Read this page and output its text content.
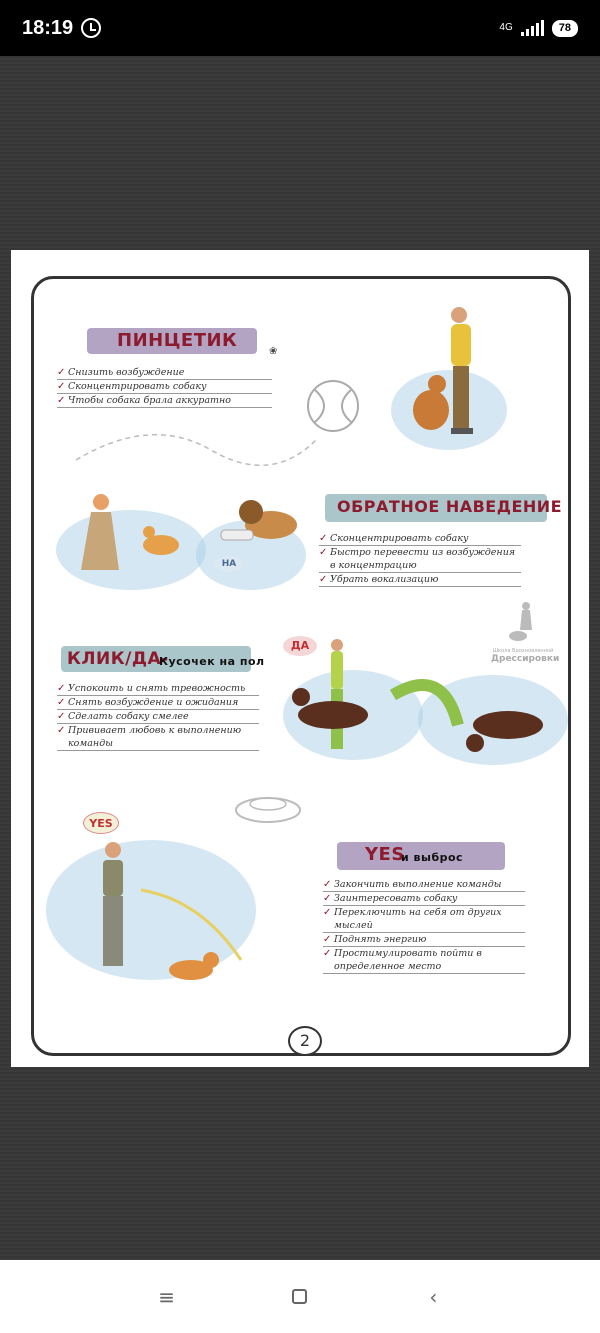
18:19	4G	78
ПИНЦЕТИК
✓ Снизить возбуждение
✓ Сконцентрировать собаку
✓ Чтобы собака брала аккуратно
❀
ОБРАТНОЕ НАВЕДЕНИЕ
✓ Сконцентрировать собаку
✓ Быстро перевести из возбуждения в концентрацию
✓ Убрать вокализацию
НА
Школа Вдохновленной
Дрессировки
КЛИК/ДА-
Кусочек на пол
✓ Успокоить и снять тревожность
✓ Снять возбуждение и ожидания
✓ Сделать собаку смелее
✓ Прививает любовь к выполнению команды
ДА
YES
и выброс
✓ Закончить выполнение команды
✓ Заинтересовать собаку
✓ Переключить на себя от других мыслей
✓ Поднять энергию
✓ Простимулировать пойти в определенное место
YES
2
≡	‹
